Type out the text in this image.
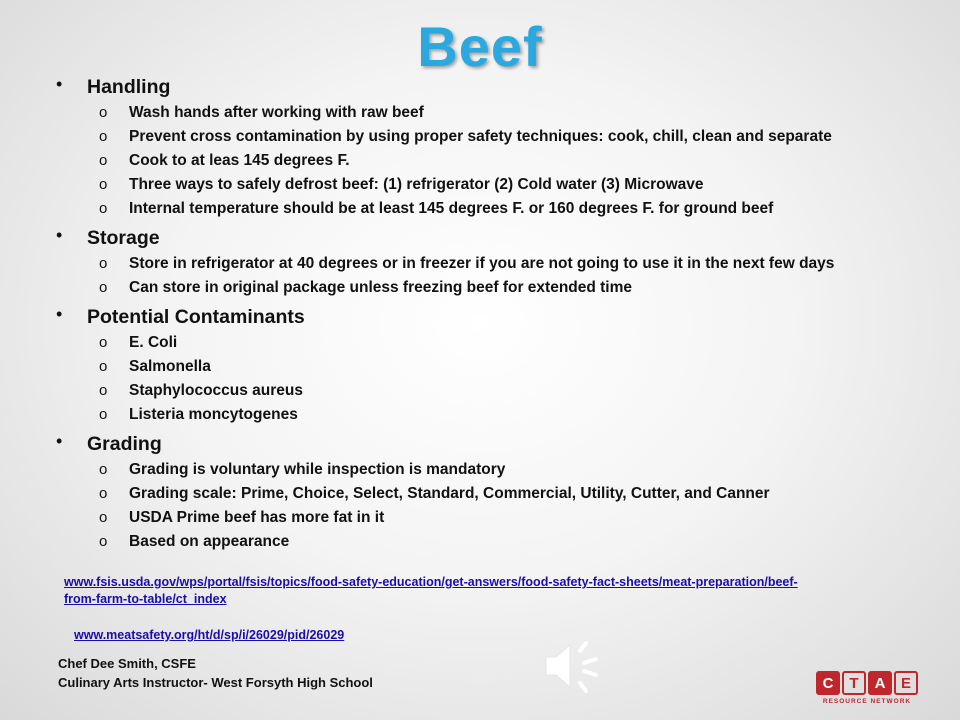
Beef
• Handling
o Wash hands after working with raw beef
o Prevent cross contamination by using proper safety techniques: cook, chill, clean and separate
o Cook to at leas 145 degrees F.
o Three ways to safely defrost beef: (1) refrigerator (2) Cold water (3) Microwave
o Internal temperature should be at least 145 degrees F. or 160 degrees F. for ground beef
• Storage
o Store in refrigerator at 40 degrees or in freezer if you are not going to use it in the next few days
o Can store in original package unless freezing beef for extended time
• Potential Contaminants
o E. Coli
o Salmonella
o Staphylococcus aureus
o Listeria moncytogenes
• Grading
o Grading is voluntary while inspection is mandatory
o Grading scale: Prime, Choice, Select, Standard, Commercial, Utility, Cutter, and Canner
o USDA Prime beef has more fat in it
o Based on appearance
www.fsis.usda.gov/wps/portal/fsis/topics/food-safety-education/get-answers/food-safety-fact-sheets/meat-preparation/beef-from-farm-to-table/ct_index
www.meatsafety.org/ht/d/sp/i/26029/pid/26029
Chef Dee Smith, CSFE
Culinary Arts Instructor- West Forsyth High School	C	T	A	E
RESOURCE NETWORK
